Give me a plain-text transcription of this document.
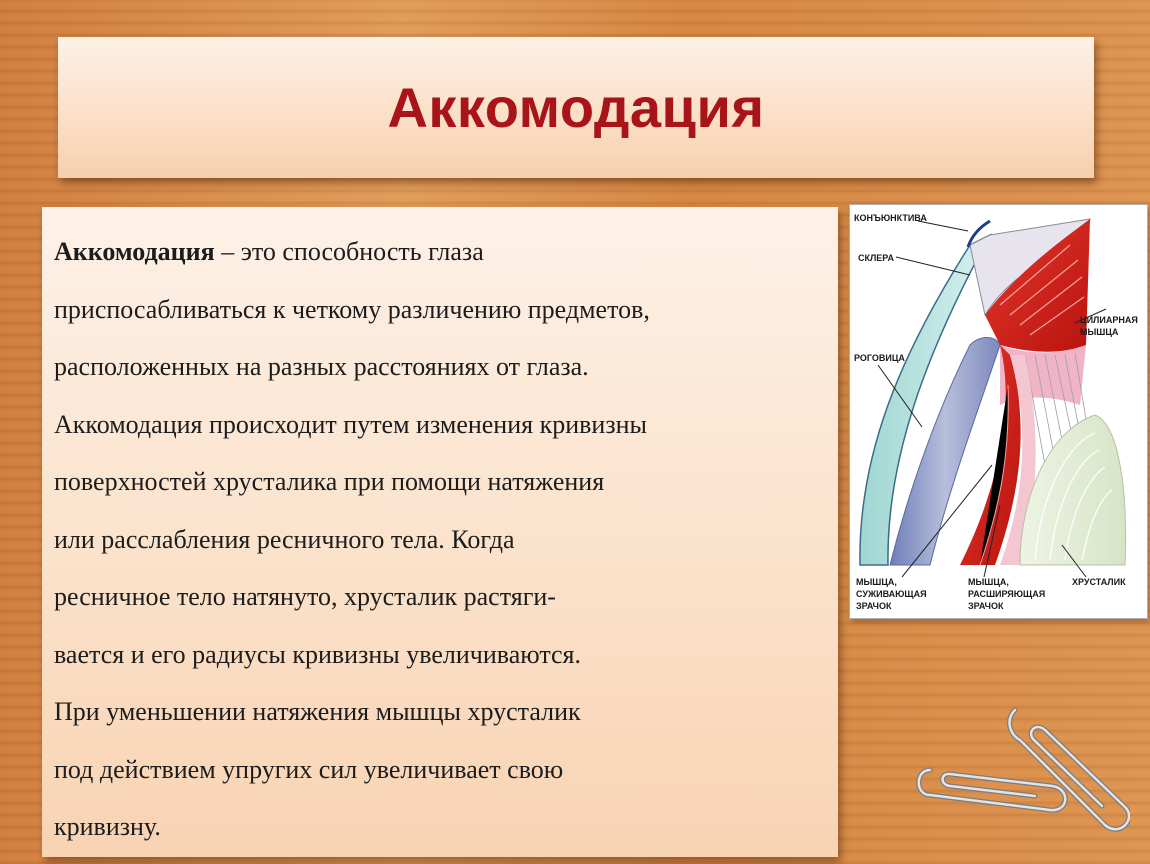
Аккомодация
Аккомодация – это способность глаза
приспосабливаться к четкому различению предметов,
расположенных на разных расстояниях от глаза.
Аккомодация происходит путем изменения кривизны
поверхностей хрусталика при помощи натяжения
или расслабления ресничного тела. Когда
ресничное тело натянуто, хрусталик растяги-
вается и его радиусы кривизны увеличиваются.
При уменьшении натяжения мышцы хрусталик
под действием упругих сил увеличивает свою
кривизну.
КОНЪЮНКТИВА
СКЛЕРА
ЦИЛИАРНАЯ
МЫШЦА
РОГОВИЦА
МЫШЦА,
СУЖИВАЮЩАЯ
ЗРАЧОК
МЫШЦА,
РАСШИРЯЮЩАЯ
ЗРАЧОК
ХРУСТАЛИК
